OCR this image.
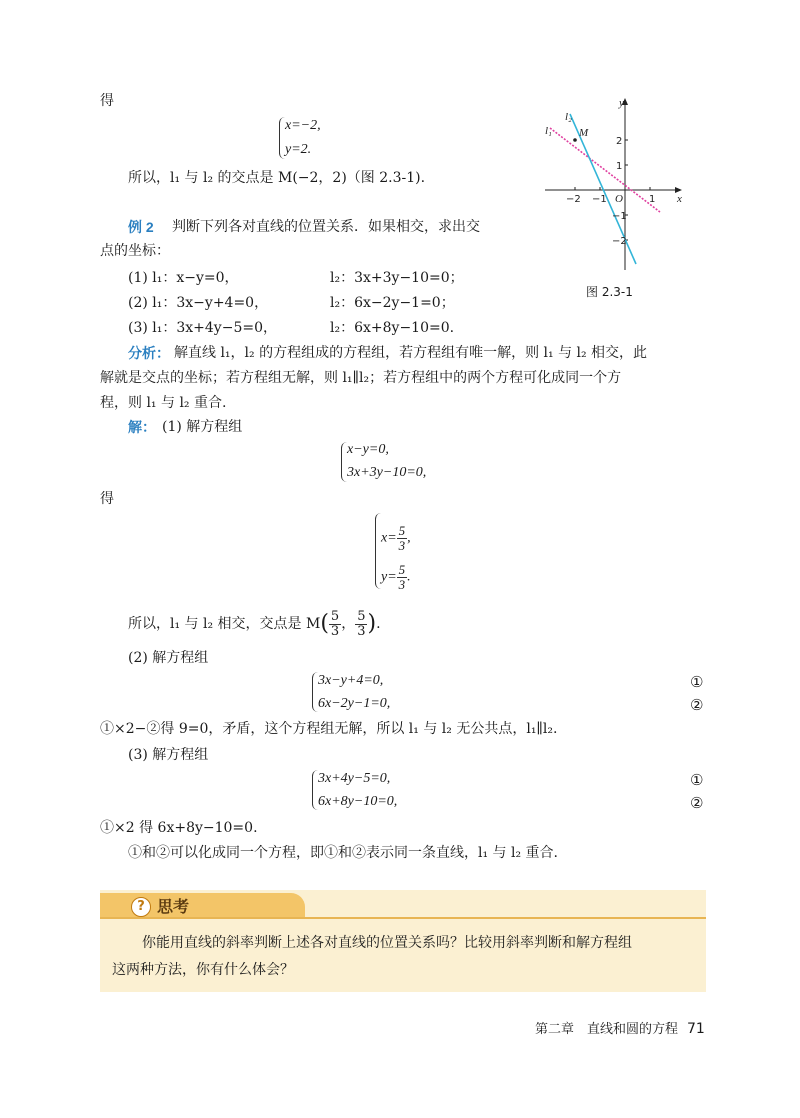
得
x=−2,
y=2.
所以，l₁ 与 l₂ 的交点是 M(−2，2)（图 2.3-1).
y
x
O
M
l₁
l₂
−2 −1	1
2
1
−1
−2
图 2.3-1
例 2 判断下列各对直线的位置关系．如果相交，求出交
点的坐标：
(1) l₁：x−y=0，	l₂：3x+3y−10=0；
(2) l₁：3x−y+4=0，	l₂：6x−2y−1=0；
(3) l₁：3x+4y−5=0，	l₂：6x+8y−10=0.
分析： 解直线 l₁，l₂ 的方程组成的方程组，若方程组有唯一解，则 l₁ 与 l₂ 相交，此
解就是交点的坐标；若方程组无解，则 l₁∥l₂；若方程组中的两个方程可化成同一个方
程，则 l₁ 与 l₂ 重合.
解： (1) 解方程组
x−y=0,
3x+3y−10=0,
得
$x= \frac{5}{3}$ ,
$y= \frac{5}{3}$ .
所以，l₁ 与 l₂ 相交，交点是 $M( \frac{5}{3}$ ， $\frac{5}{3}$ ).
(2) 解方程组
3x−y+4=0,
6x−2y−1=0,
①
②
①×2−②得 9=0，矛盾，这个方程组无解，所以 l₁ 与 l₂ 无公共点，l₁∥l₂.
(3) 解方程组
3x+4y−5=0,
6x+8y−10=0,
①
②
①×2 得 6x+8y−10=0.
①和②可以化成同一个方程，即①和②表示同一条直线，l₁ 与 l₂ 重合.
? 思考
你能用直线的斜率判断上述各对直线的位置关系吗？比较用斜率判断和解方程组
这两种方法，你有什么体会？
第二章　直线和圆的方程 71
